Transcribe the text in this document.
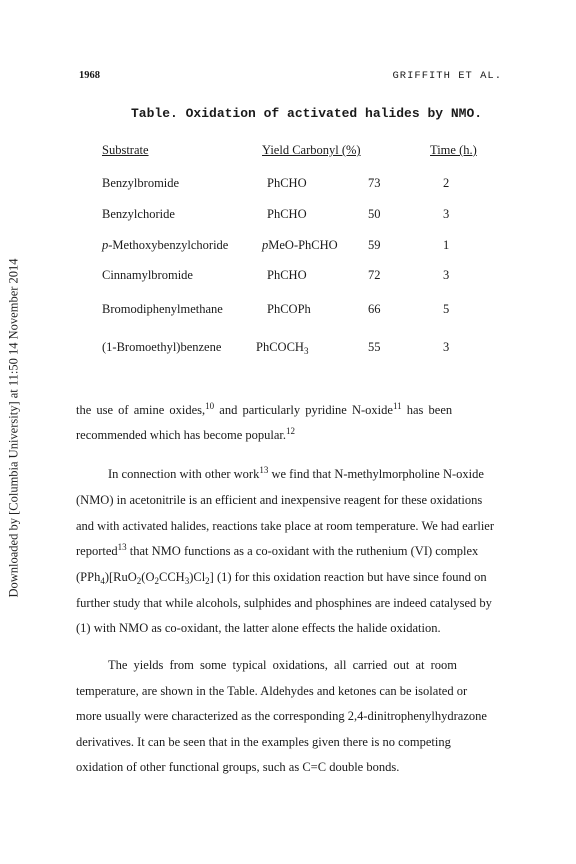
Downloaded by [Columbia University] at 11:50 14 November 2014
1968	GRIFFITH ET AL.
Table. Oxidation of activated halides by NMO.
Substrate	Yield Carbonyl (%)	Time (h.)
Benzylbromide	PhCHO	73	2
Benzylchoride	PhCHO	50	3
p-Methoxybenzylchoride	pMeO-PhCHO 59	1
Cinnamylbromide	PhCHO	72	3
Bromodiphenylmethane	PhCOPh	66	5
(1-Bromoethyl)benzene	PhCOCH$_3$	55	3
the use of amine oxides,$^{10}$ and particularly pyridine N-oxide$^{11}$ has been
recommended which has become popular.$^{12}$
In connection with other work$^{13}$ we find that N-methylmorpholine N-oxide
(NMO) in acetonitrile is an efficient and inexpensive reagent for these oxidations
and with activated halides, reactions take place at room temperature. We had earlier
reported$^{13}$ that NMO functions as a co-oxidant with the ruthenium (VI) complex
$(PPh_4)[RuO_2(O_2CCH_3)Cl_2]$ (1) for this oxidation reaction but have since found on
further study that while alcohols, sulphides and phosphines are indeed catalysed by
(1) with NMO as co-oxidant, the latter alone effects the halide oxidation.
The yields from some typical oxidations, all carried out at room
temperature, are shown in the Table. Aldehydes and ketones can be isolated or
more usually were characterized as the corresponding 2,4-dinitrophenylhydrazone
derivatives. It can be seen that in the examples given there is no competing
oxidation of other functional groups, such as C=C double bonds.
